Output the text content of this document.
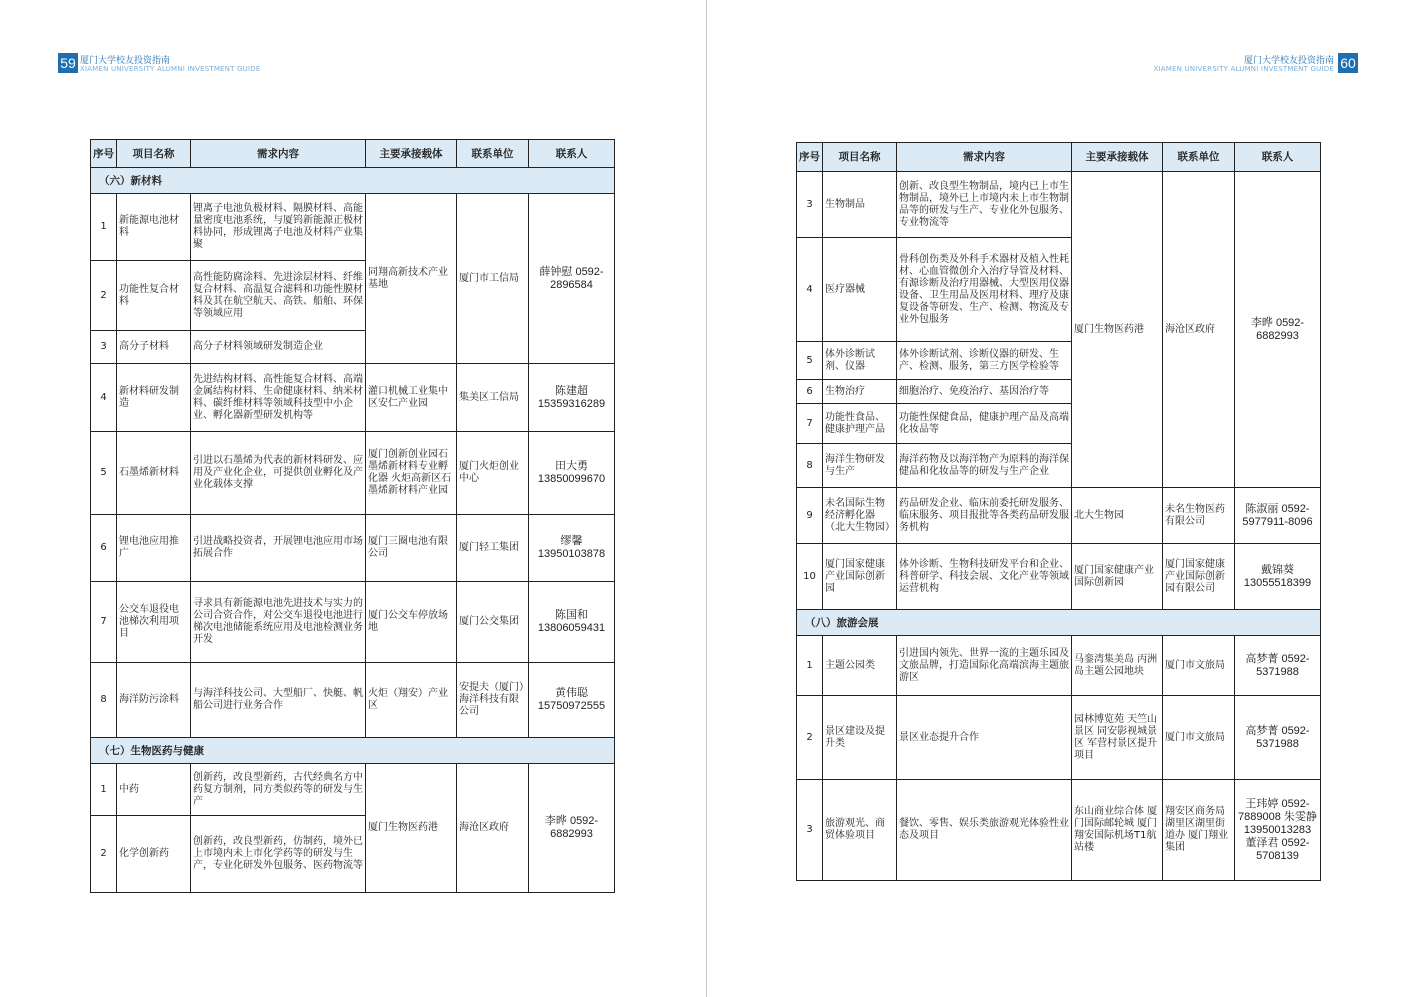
59 厦门大学校友投资指南
XIAMEN UNIVERSITY ALUMNI INVESTMENT GUIDE
序号	项目名称	需求内容	主要承接载体	联系单位	联系人
（六）新材料					
1	新能源电池材料	锂离子电池负极材料、隔膜材料、高能量密度电池系统，与厦钨新能源正极材料协同，形成锂离子电池及材料产业集聚	同翔高新技术产业基地	厦门市工信局	薛钟慰 0592-2896584
2	功能性复合材料	高性能防腐涂料、先进涂层材料、纤维复合材料、高温复合滤料和功能性膜材料及其在航空航天、高铁、船舶、环保等领域应用			
3	高分子材料	高分子材料领域研发制造企业			
4	新材料研发制造	先进结构材料、高性能复合材料、高端金属结构材料、生命健康材料、纳米材料、碳纤维材料等领域科技型中小企业、孵化器新型研发机构等	灌口机械工业集中区安仁产业园	集美区工信局	陈建超 15359316289
5	石墨烯新材料	引进以石墨烯为代表的新材料研发、应用及产业化企业，可提供创业孵化及产业化载体支撑	厦门创新创业园石墨烯新材料专业孵化器 火炬高新区石墨烯新材料产业园	厦门火炬创业中心	田大勇 13850099670
6	锂电池应用推广	引进战略投资者，开展锂电池应用市场拓展合作	厦门三圈电池有限公司	厦门轻工集团	缪馨 13950103878
7	公交车退役电池梯次利用项目	寻求具有新能源电池先进技术与实力的公司合资合作，对公交车退役电池进行梯次电池储能系统应用及电池检测业务开发	厦门公交车停放场地	厦门公交集团	陈国和 13806059431
8	海洋防污涂料	与海洋科技公司、大型船厂、快艇、帆船公司进行业务合作	火炬（翔安）产业区	安提夫（厦门）海洋科技有限公司	黄伟聪 15750972555
（七）生物医药与健康					
1	中药	创新药，改良型新药，古代经典名方中药复方制剂，同方类似药等的研发与生产	厦门生物医药港	海沧区政府	李晔 0592-6882993
2	化学创新药	创新药，改良型新药，仿制药，境外已上市境内未上市化学药等的研发与生产，专业化研发外包服务、医药物流等			
厦门大学校友投资指南
XIAMEN UNIVERSITY ALUMNI INVESTMENT GUIDE 60
序号	项目名称	需求内容	主要承接载体	联系单位	联系人
3	生物制品	创新、改良型生物制品，境内已上市生物制品，境外已上市境内未上市生物制品等的研发与生产、专业化外包服务、专业物流等	厦门生物医药港	海沧区政府	李晔 0592-6882993
4	医疗器械	骨科创伤类及外科手术器材及植入性耗材、心血管微创介入治疗导管及材料、有源诊断及治疗用器械、大型医用仪器设备、卫生用品及医用材料、理疗及康复设备等研发、生产、检测、物流及专业外包服务			
5	体外诊断试剂、仪器	体外诊断试剂、诊断仪器的研发、生产、检测、服务，第三方医学检验等			
6	生物治疗	细胞治疗、免疫治疗、基因治疗等			
7	功能性食品、健康护理产品	功能性保健食品，健康护理产品及高端化妆品等			
8	海洋生物研发与生产	海洋药物及以海洋物产为原料的海洋保健品和化妆品等的研发与生产企业			
9	未名国际生物经济孵化器（北大生物园）	药品研发企业、临床前委托研发服务、临床服务、项目报批等各类药品研发服务机构	北大生物园	未名生物医药有限公司	陈淑丽 0592-5977911-8096
10	厦门国家健康产业国际创新园	体外诊断、生物科技研发平台和企业、科普研学、科技会展、文化产业等领域运营机构	厦门国家健康产业国际创新园	厦门国家健康产业国际创新园有限公司	戴锦葵 13055518399
（八）旅游会展					
1	主题公园类	引进国内领先、世界一流的主题乐园及文旅品牌，打造国际化高端滨海主题旅游区	马銮湾集美岛 丙洲岛主题公园地块	厦门市文旅局	高梦菁 0592-5371988
2	景区建设及提升类	景区业态提升合作	园林博览苑 天竺山景区 同安影视城景区 军营村景区提升项目	厦门市文旅局	高梦菁 0592-5371988
3	旅游观光、商贸体验项目	餐饮、零售、娱乐类旅游观光体验性业态及项目	东山商业综合体 厦门国际邮轮城 厦门翔安国际机场T1航站楼	翔安区商务局 湖里区湖里街道办 厦门翔业集团	王玮婷 0592-7889008 朱雯静 13950013283 董泽君 0592-5708139
